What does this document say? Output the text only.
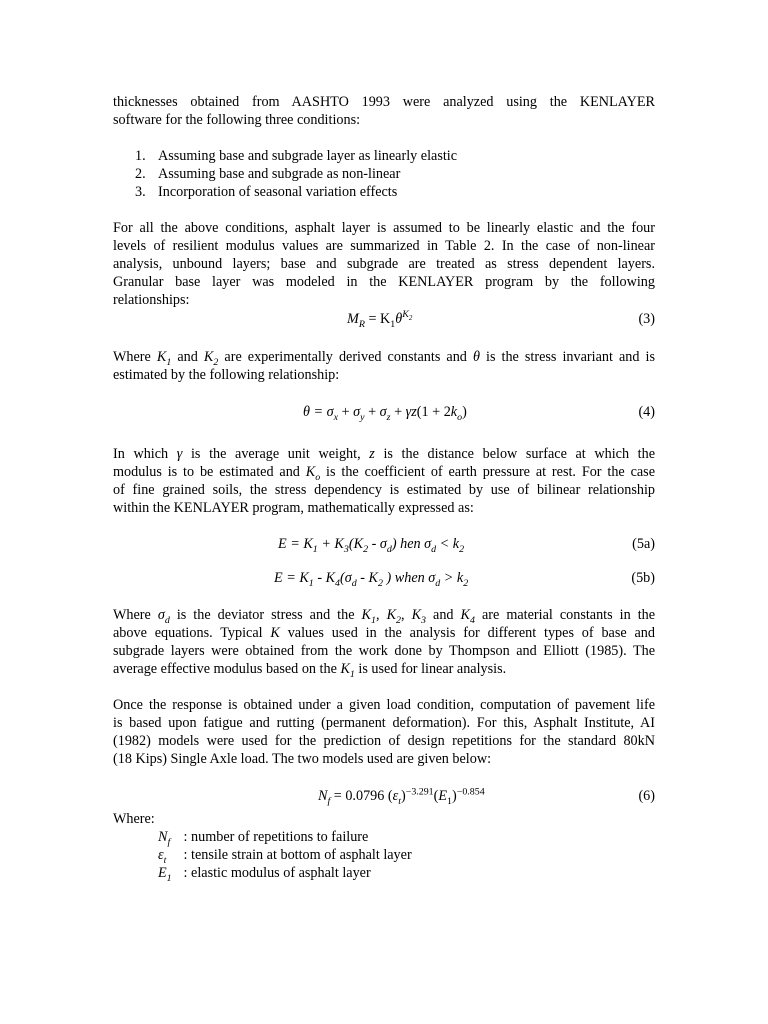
thicknesses obtained from AASHTO 1993 were analyzed using the KENLAYER
software for the following three conditions:

1. Assuming base and subgrade layer as linearly elastic
2. Assuming base and subgrade as non-linear
3. Incorporation of seasonal variation effects

For all the above conditions, asphalt layer is assumed to be linearly elastic and the four
levels of resilient modulus values are summarized in Table 2. In the case of non-linear
analysis, unbound layers; base and subgrade are treated as stress dependent layers.
Granular base layer was modeled in the KENLAYER program by the following
relationships:

$M_R = K_1\theta^{K_2}$	(3)

Where $K_1$ and $K_2$ are experimentally derived constants and θ is the stress invariant and is
estimated by the following relationship:

$\theta = \sigma_x + \sigma_y + \sigma_z + \gamma z(1 + 2k_o)$	(4)

In which γ is the average unit weight, z is the distance below surface at which the
modulus is to be estimated and $K_o$ is the coefficient of earth pressure at rest. For the case
of fine grained soils, the stress dependency is estimated by use of bilinear relationship
within the KENLAYER program, mathematically expressed as:

$E = K_1 + K_3(K_2 - \sigma_d)$ hen $\sigma_d < k_2$	(5a)
$E = K_1 - K_4(\sigma_d - K_2$ ) when $\sigma_d > k_2$	(5b)

Where $\sigma_d$ is the deviator stress and the $K_1$, $K_2$, $K_3$ and $K_4$ are material constants in the
above equations. Typical K values used in the analysis for different types of base and
subgrade layers were obtained from the work done by Thompson and Elliott (1985). The
average effective modulus based on the $K_1$ is used for linear analysis.

Once the response is obtained under a given load condition, computation of pavement life
is based upon fatigue and rutting (permanent deformation). For this, Asphalt Institute, AI
(1982) models were used for the prediction of design repetitions for the standard 80kN
(18 Kips) Single Axle load. The two models used are given below:

$N_f = 0.0796$ $(\varepsilon_t)^{-3.291}(E_1)^{-0.854}$	(6)
Where:
$N_f$ : number of repetitions to failure
$\varepsilon_t$ : tensile strain at bottom of asphalt layer
$E_1$ : elastic modulus of asphalt layer
